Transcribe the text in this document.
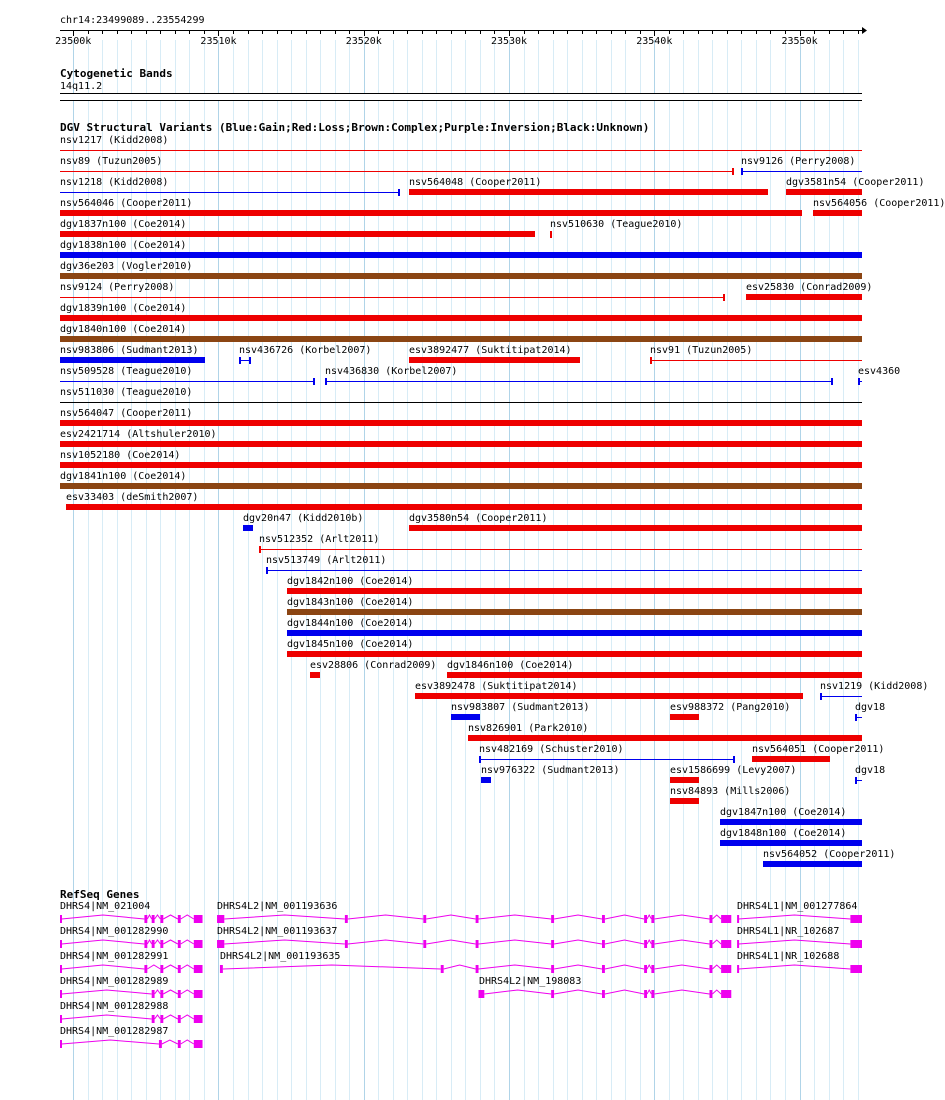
chr14:23499089..23554299
23500k	23510k	23520k	23530k	23540k	23550k
Cytogenetic Bands
14q11.2
DGV Structural Variants (Blue:Gain;Red:Loss;Brown:Complex;Purple:Inversion;Black:Unknown)
nsv1217 (Kidd2008)
nsv89 (Tuzun2005)	nsv9126 (Perry2008)
nsv1218 (Kidd2008)	nsv564048 (Cooper2011)	dgv3581n54 (Cooper2011)
nsv564046 (Cooper2011)	nsv564056 (Cooper2011)
dgv1837n100 (Coe2014)	nsv510630 (Teague2010)
dgv1838n100 (Coe2014)
dgv36e203 (Vogler2010)
nsv9124 (Perry2008)	esv25830 (Conrad2009)
dgv1839n100 (Coe2014)
dgv1840n100 (Coe2014)
nsv983806 (Sudmant2013)	nsv436726 (Korbel2007)	esv3892477 (Suktitipat2014)	nsv91 (Tuzun2005)
nsv509528 (Teague2010)	nsv436830 (Korbel2007)	esv4360
nsv511030 (Teague2010)
nsv564047 (Cooper2011)
esv2421714 (Altshuler2010)
nsv1052180 (Coe2014)
dgv1841n100 (Coe2014)
esv33403 (deSmith2007)
dgv20n47 (Kidd2010b)	dgv3580n54 (Cooper2011)
nsv512352 (Arlt2011)
nsv513749 (Arlt2011)
dgv1842n100 (Coe2014)
dgv1843n100 (Coe2014)
dgv1844n100 (Coe2014)
dgv1845n100 (Coe2014)
esv28806 (Conrad2009) dgv1846n100 (Coe2014)
esv3892478 (Suktitipat2014)	nsv1219 (Kidd2008)
nsv983807 (Sudmant2013)	esv988372 (Pang2010)	dgv18
nsv826901 (Park2010)
nsv482169 (Schuster2010)	nsv564051 (Cooper2011)
nsv976322 (Sudmant2013)	esv1586699 (Levy2007)	dgv18
nsv84893 (Mills2006)
dgv1847n100 (Coe2014)
dgv1848n100 (Coe2014)
nsv564052 (Cooper2011)
RefSeq Genes
DHRS4|NM_021004	DHRS4L2|NM_001193636	DHRS4L1|NM_001277864
DHRS4|NM_001282990	DHRS4L2|NM_001193637	DHRS4L1|NR_102687
DHRS4|NM_001282991	DHRS4L2|NM_001193635	DHRS4L1|NR_102688
DHRS4|NM_001282989	DHRS4L2|NM_198083
DHRS4|NM_001282988
DHRS4|NM_001282987
